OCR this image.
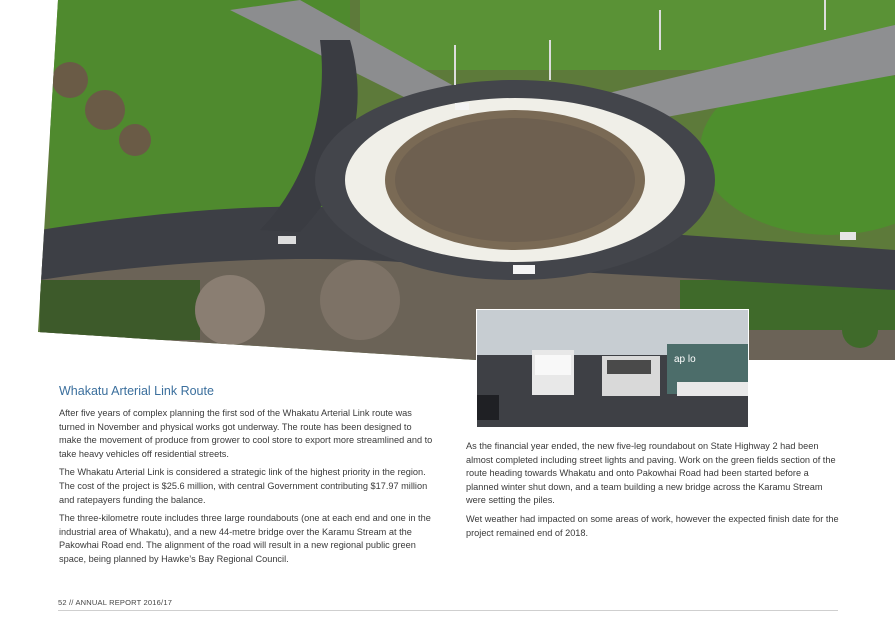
ap lo
Whakatu Arterial Link Route

After five years of complex planning the first sod of the Whakatu Arterial Link route was turned in November and physical works got underway. The route has been designed to make the movement of produce from grower to cool store to export more streamlined and to take heavy vehicles off residential streets.

The Whakatu Arterial Link is considered a strategic link of the highest priority in the region. The cost of the project is $25.6 million, with central Government contributing $17.97 million and ratepayers funding the balance.

The three-kilometre route includes three large roundabouts (one at each end and one in the industrial area of Whakatu), and a new 44-metre bridge over the Karamu Stream at the Pakowhai Road end. The alignment of the road will result in a new regional public green space, being planned by Hawke’s Bay Regional Council.

As the financial year ended, the new five-leg roundabout on State Highway 2 had been almost completed including street lights and paving. Work on the green fields section of the route heading towards Whakatu and onto Pakowhai Road had been started before a planned winter shut down, and a team building a new bridge across the Karamu Stream were setting the piles.

Wet weather had impacted on some areas of work, however the expected finish date for the project remained end of 2018.

52 // ANNUAL REPORT 2016/17
